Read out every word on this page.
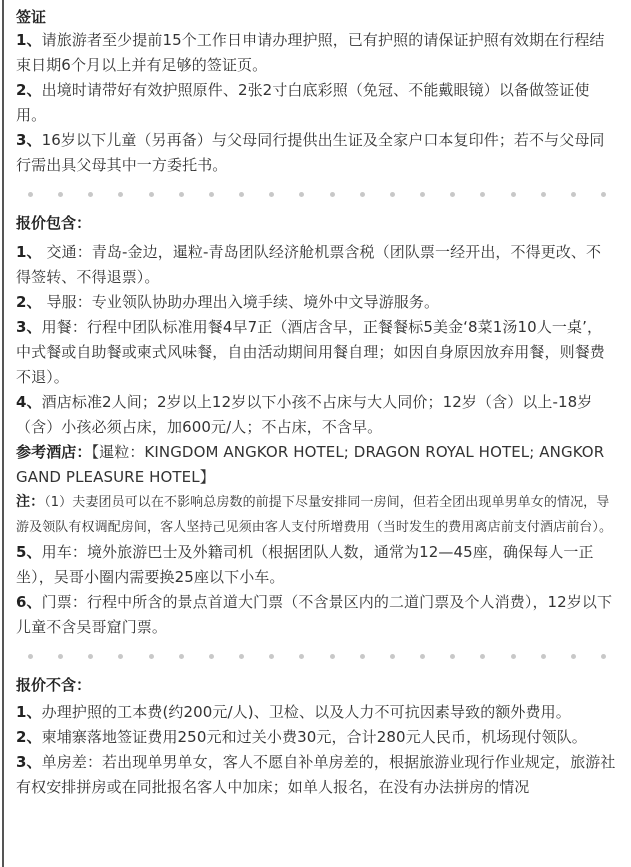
签证

1、请旅游者至少提前15个工作日申请办理护照，已有护照的请保证护照有效期在行程结束日期6个月以上并有足够的签证页。

2、出境时请带好有效护照原件、2张2寸白底彩照（免冠、不能戴眼镜）以备做签证使用。

3、16岁以下儿童（另再备）与父母同行提供出生证及全家户口本复印件；若不与父母同行需出具父母其中一方委托书。

报价包含：

1、 交通：青岛-金边，暹粒-青岛团队经济舱机票含税（团队票一经开出，不得更改、不得签转、不得退票）。

2、 导服：专业领队协助办理出入境手续、境外中文导游服务。

3、用餐：行程中团队标准用餐4早7正（酒店含早，正餐餐标5美金‘8菜1汤10人一桌’，中式餐或自助餐或柬式风味餐，自由活动期间用餐自理；如因自身原因放弃用餐，则餐费不退）。

4、酒店标准2人间；2岁以上12岁以下小孩不占床与大人同价；12岁（含）以上-18岁（含）小孩必须占床，加600元/人；不占床，不含早。

参考酒店：【暹粒：KINGDOM ANGKOR HOTEL; DRAGON ROYAL HOTEL; ANGKOR GAND PLEASURE HOTEL】

注：（1）夫妻团员可以在不影响总房数的前提下尽量安排同一房间，但若全团出现单男单女的情况，导游及领队有权调配房间，客人坚持己见须由客人支付所增费用（当时发生的费用离店前支付酒店前台）。

5、用车：境外旅游巴士及外籍司机（根据团队人数，通常为12—45座，确保每人一正坐），吴哥小圈内需要换25座以下小车。

6、门票：行程中所含的景点首道大门票（不含景区内的二道门票及个人消费），12岁以下儿童不含吴哥窟门票。

报价不含：

1、办理护照的工本费(约200元/人)、卫检、以及人力不可抗因素导致的额外费用。

2、柬埔寨落地签证费用250元和过关小费30元，合计280元人民币，机场现付领队。

3、单房差：若出现单男单女，客人不愿自补单房差的，根据旅游业现行作业规定，旅游社有权安排拼房或在同批报名客人中加床；如单人报名，在没有办法拼房的情况
